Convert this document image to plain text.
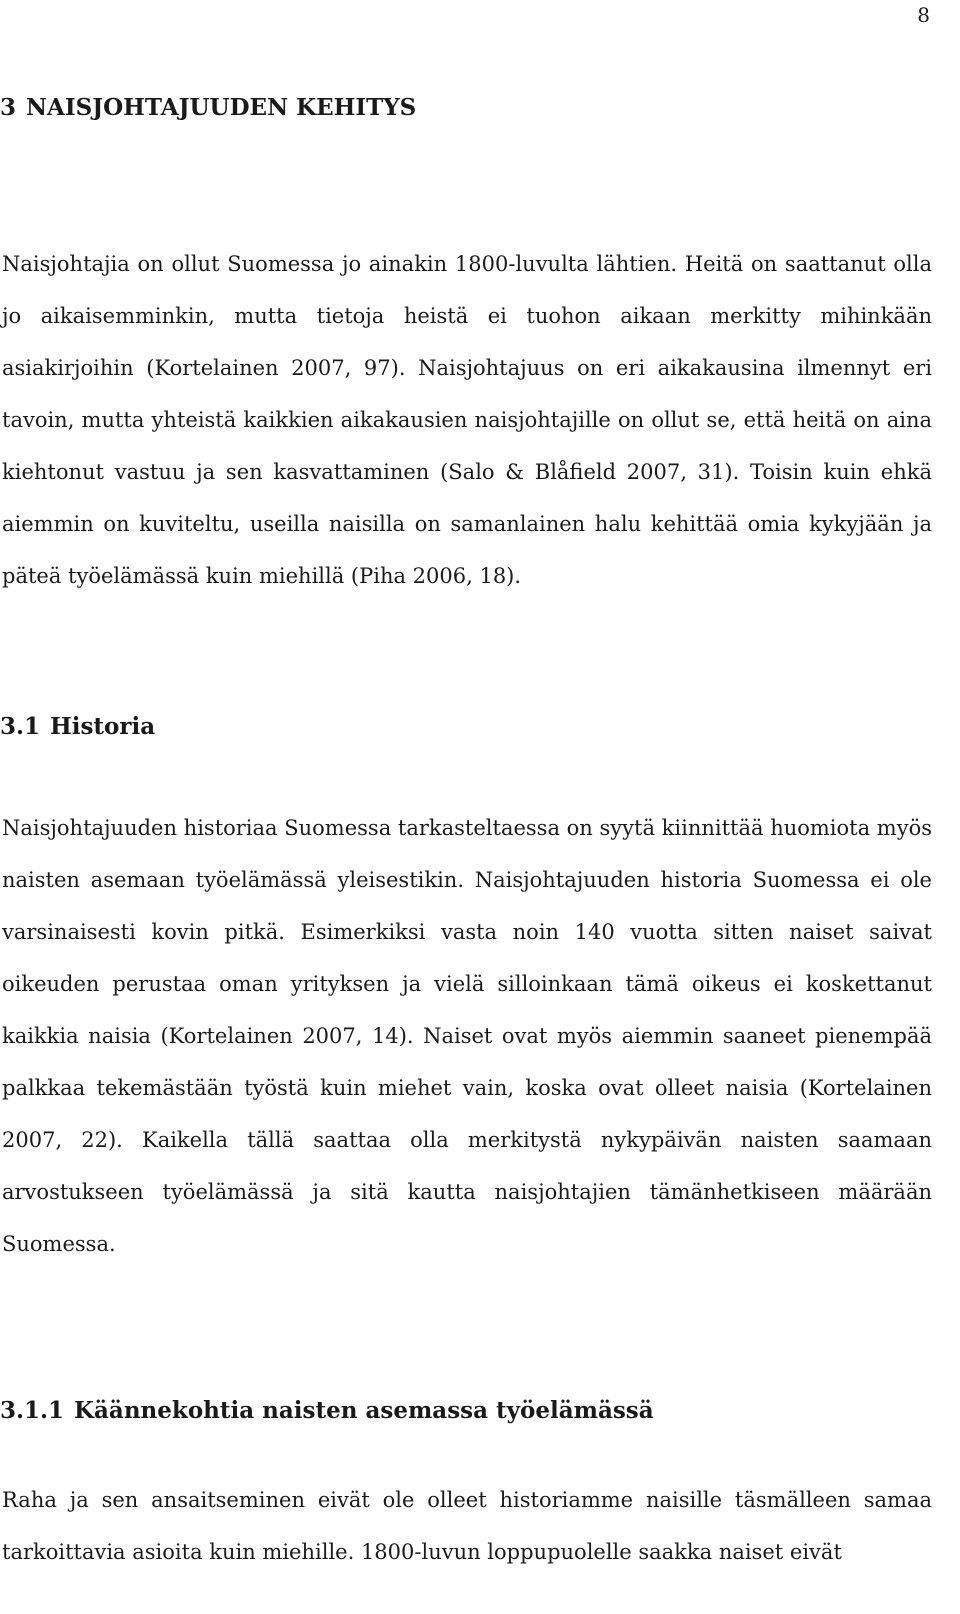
8
3 NAISJOHTAJUUDEN KEHITYS

Naisjohtajia on ollut Suomessa jo ainakin 1800-luvulta lähtien. Heitä on saattanut olla jo aikaisemminkin, mutta tietoja heistä ei tuohon aikaan merkitty mihinkään asiakirjoihin (Kortelainen 2007, 97). Naisjohtajuus on eri aikakausina ilmennyt eri tavoin, mutta yhteistä kaikkien aikakausien naisjohtajille on ollut se, että heitä on aina kiehtonut vastuu ja sen kasvattaminen (Salo & Blåfield 2007, 31). Toisin kuin ehkä aiemmin on kuviteltu, useilla naisilla on samanlainen halu kehittää omia kykyjään ja päteä työelämässä kuin miehillä (Piha 2006, 18).

3.1 Historia

Naisjohtajuuden historiaa Suomessa tarkasteltaessa on syytä kiinnittää huomiota myös naisten asemaan työelämässä yleisestikin. Naisjohtajuuden historia Suomessa ei ole varsinaisesti kovin pitkä. Esimerkiksi vasta noin 140 vuotta sitten naiset saivat oikeuden perustaa oman yrityksen ja vielä silloinkaan tämä oikeus ei koskettanut kaikkia naisia (Kortelainen 2007, 14). Naiset ovat myös aiemmin saaneet pienempää palkkaa tekemästään työstä kuin miehet vain, koska ovat olleet naisia (Kortelainen 2007, 22). Kaikella tällä saattaa olla merkitystä nykypäivän naisten saamaan arvostukseen työelämässä ja sitä kautta naisjohtajien tämänhetkiseen määrään Suomessa.

3.1.1 Käännekohtia naisten asemassa työelämässä

Raha ja sen ansaitseminen eivät ole olleet historiamme naisille täsmälleen samaa tarkoittavia asioita kuin miehille. 1800-luvun loppupuolelle saakka naiset eivät
